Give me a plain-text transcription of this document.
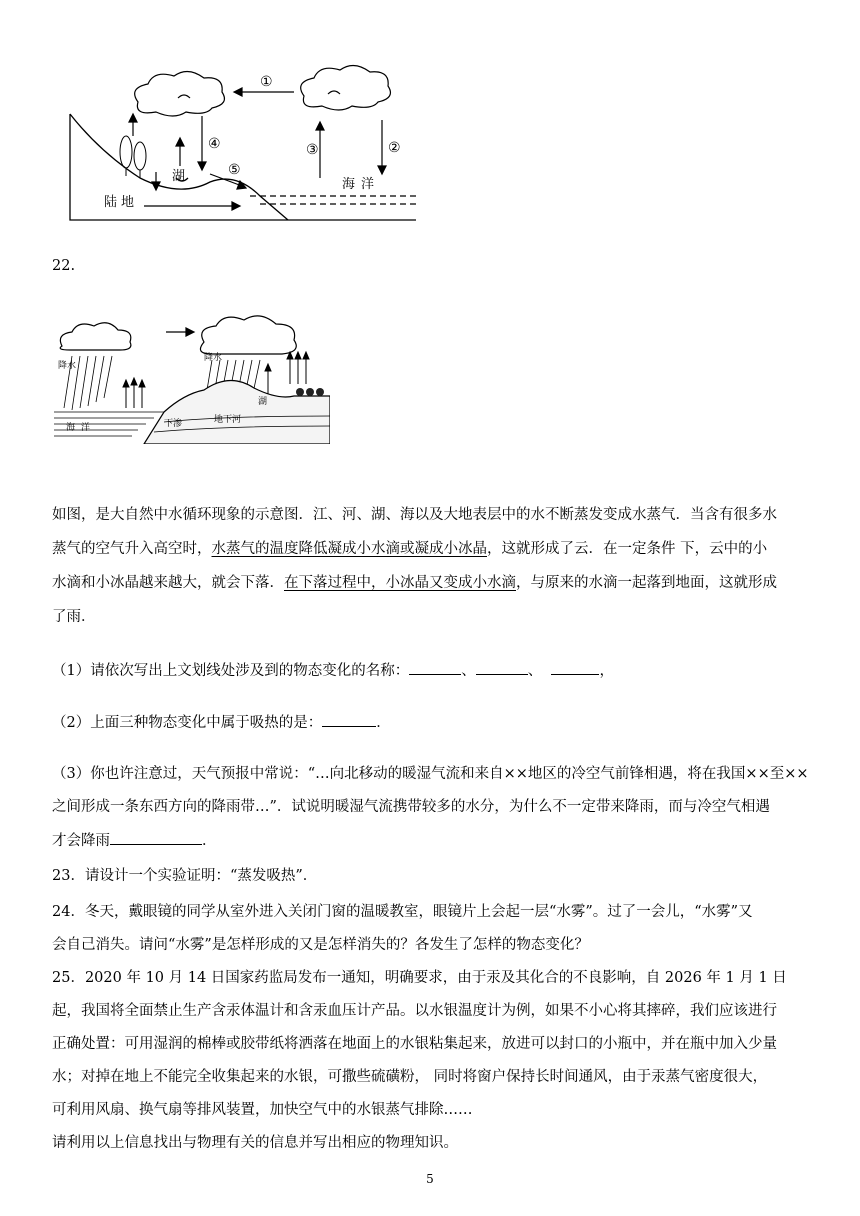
①
②
③
④
⑤
湖
陆地
海洋
22.
降水
降水
湖
下渗	地下河
海洋
如图，是大自然中水循环现象的示意图．江、河、湖、海以及大地表层中的水不断蒸发变成水蒸气．当含有很多水
蒸气的空气升入高空时，水蒸气的温度降低凝成小水滴或凝成小冰晶，这就形成了云．在一定条件 下，云中的小
水滴和小冰晶越来越大，就会下落．在下落过程中，小冰晶又变成小水滴，与原来的水滴一起落到地面，这就形成
了雨．
（1）请依次写出上文划线处涉及到的物态变化的名称：	、	、	，
（2）上面三种物态变化中属于吸热的是：	．
（3）你也许注意过，天气预报中常说：“…向北移动的暖湿气流和来自××地区的冷空气前锋相遇，将在我国××至××
之间形成一条东西方向的降雨带…”．试说明暖湿气流携带较多的水分，为什么不一定带来降雨，而与冷空气相遇
才会降雨	．
23．请设计一个实验证明：“蒸发吸热”．
24．冬天，戴眼镜的同学从室外进入关闭门窗的温暖教室，眼镜片上会起一层“水雾”。过了一会儿，“水雾”又
会自己消失。请问“水雾”是怎样形成的又是怎样消失的？各发生了怎样的物态变化？
25．2020 年 10 月 14 日国家药监局发布一通知，明确要求，由于汞及其化合的不良影响，自 2026 年 1 月 1 日
起，我国将全面禁止生产含汞体温计和含汞血压计产品。以水银温度计为例，如果不小心将其摔碎，我们应该进行
正确处置：可用湿润的棉棒或胶带纸将洒落在地面上的水银粘集起来，放进可以封口的小瓶中，并在瓶中加入少量
水；对掉在地上不能完全收集起来的水银，可撒些硫磺粉， 同时将窗户保持长时间通风，由于汞蒸气密度很大，
可利用风扇、换气扇等排风装置，加快空气中的水银蒸气排除……
请利用以上信息找出与物理有关的信息并写出相应的物理知识。
5
